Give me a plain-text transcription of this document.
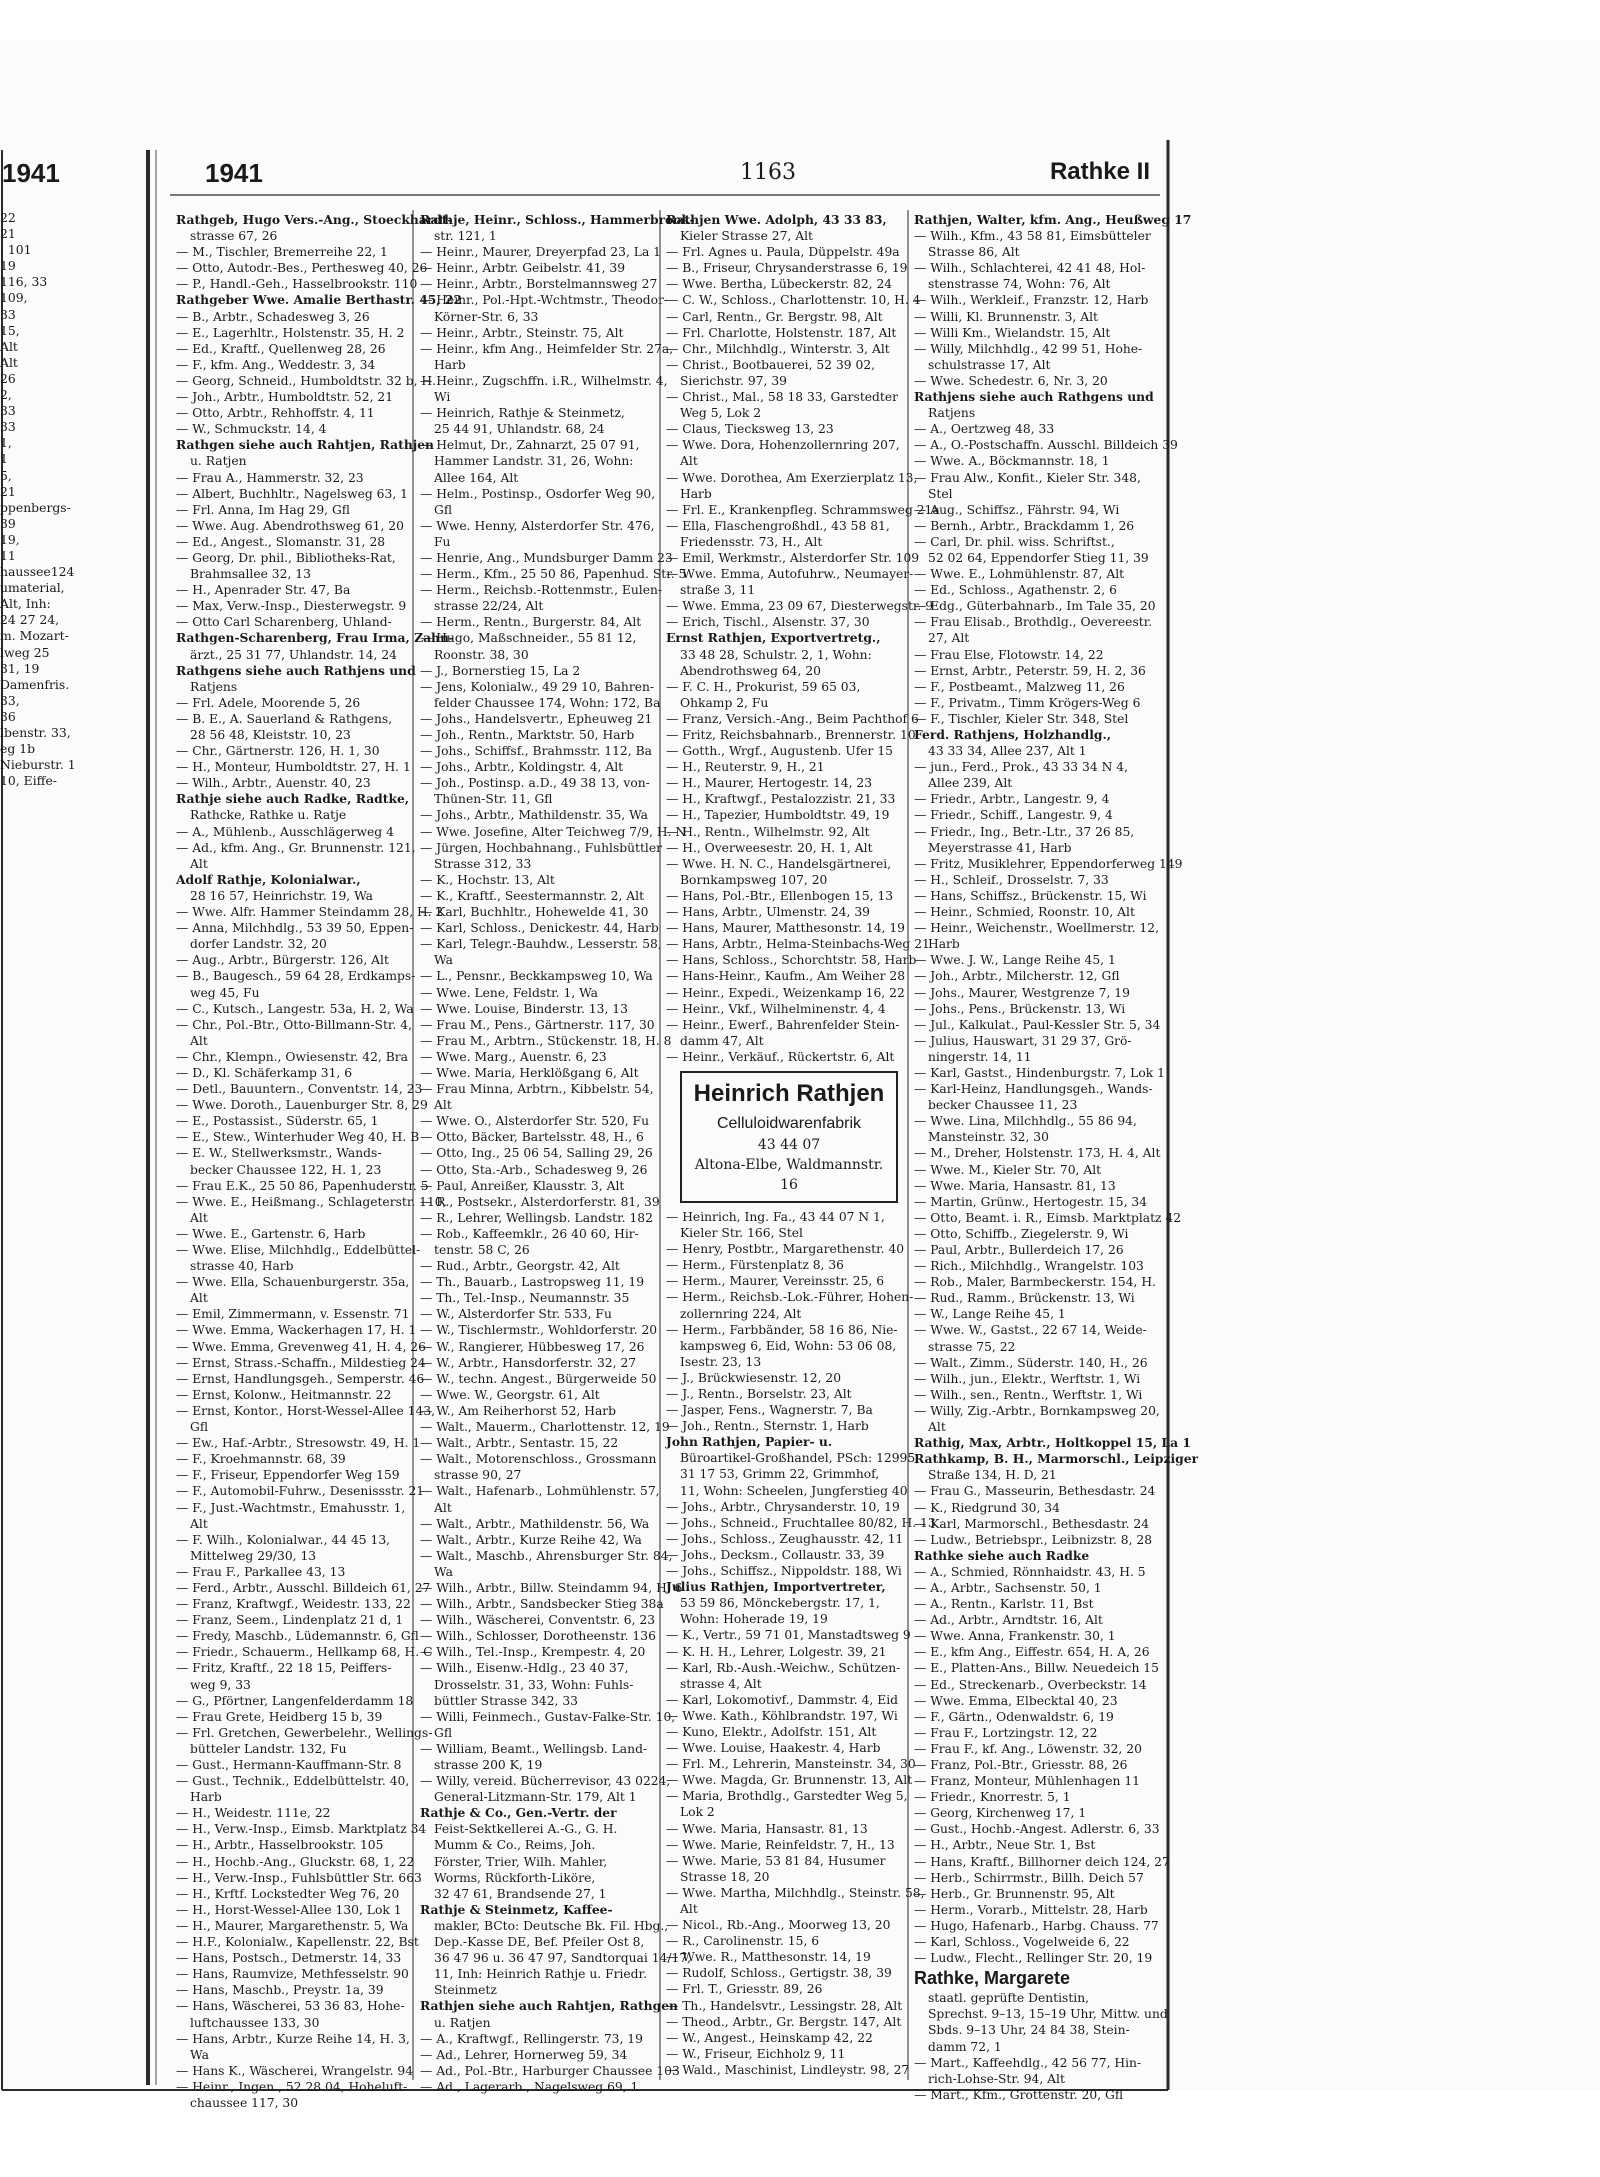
1941
22
21
. 101
19
116, 33
109,
33
15,
Alt
Alt
26
2,
33
33
1,
1
5,
21
ppenbergs-
39
19,
11
haussee124
umaterial,
Alt, Inh:
24 27 24,
m. Mozart-
lweg 25
31, 19
Damenfris.
33,
36
lbenstr. 33,
eg 1b
Nieburstr. 1
10, Eiffe-
1941	1163	Rathke II
Rathgeb, Hugo Vers.-Ang., Stoeckhardt-
strasse 67, 26
— M., Tischler, Bremerreihe 22, 1
— Otto, Autodr.-Bes., Perthesweg 40, 26
— P., Handl.-Geh., Hasselbrookstr. 110
Rathgeber Wwe. Amalie Berthastr. 45, 22
— B., Arbtr., Schadesweg 3, 26
— E., Lagerhltr., Holstenstr. 35, H. 2
— Ed., Kraftf., Quellenweg 28, 26
— F., kfm. Ang., Weddestr. 3, 34
— Georg, Schneid., Humboldtstr. 32 b, H.
— Joh., Arbtr., Humboldtstr. 52, 21
— Otto, Arbtr., Rehhoffstr. 4, 11
— W., Schmuckstr. 14, 4
Rathgen siehe auch Rahtjen, Rathjen
u. Ratjen
— Frau A., Hammerstr. 32, 23
— Albert, Buchhltr., Nagelsweg 63, 1
— Frl. Anna, Im Hag 29, Gfl
— Wwe. Aug. Abendrothsweg 61, 20
— Ed., Angest., Slomanstr. 31, 28
— Georg, Dr. phil., Bibliotheks-Rat,
Brahmsallee 32, 13
— H., Apenrader Str. 47, Ba
— Max, Verw.-Insp., Diesterwegstr. 9
— Otto Carl Scharenberg, Uhland-
Rathgen-Scharenberg, Frau Irma, Zahn-
ärzt., 25 31 77, Uhlandstr. 14, 24
Rathgens siehe auch Rathjens und
Ratjens
— Frl. Adele, Moorende 5, 26
— B. E., A. Sauerland & Rathgens,
28 56 48, Kleiststr. 10, 23
— Chr., Gärtnerstr. 126, H. 1, 30
— H., Monteur, Humboldtstr. 27, H. 1
— Wilh., Arbtr., Auenstr. 40, 23
Rathje siehe auch Radke, Radtke,
Rathcke, Rathke u. Ratje
— A., Mühlenb., Ausschlägerweg 4
— Ad., kfm. Ang., Gr. Brunnenstr. 121,
Alt
Adolf Rathje, Kolonialwar.,
28 16 57, Heinrichstr. 19, Wa
— Wwe. Alfr. Hammer Steindamm 28, H. 2
— Anna, Milchhdlg., 53 39 50, Eppen-
dorfer Landstr. 32, 20
— Aug., Arbtr., Bürgerstr. 126, Alt
— B., Baugesch., 59 64 28, Erdkamps-
weg 45, Fu
— C., Kutsch., Langestr. 53a, H. 2, Wa
— Chr., Pol.-Btr., Otto-Billmann-Str. 4,
Alt
— Chr., Klempn., Owiesenstr. 42, Bra
— D., Kl. Schäferkamp 31, 6
— Detl., Bauuntern., Conventstr. 14, 23
— Wwe. Doroth., Lauenburger Str. 8, 29
— E., Postassist., Süderstr. 65, 1
— E., Stew., Winterhuder Weg 40, H. B
— E. W., Stellwerksmstr., Wands-
becker Chaussee 122, H. 1, 23
— Frau E.K., 25 50 86, Papenhuderstr. 5
— Wwe. E., Heißmang., Schlageterstr. 110,
Alt
— Wwe. E., Gartenstr. 6, Harb
— Wwe. Elise, Milchhdlg., Eddelbüttel-
strasse 40, Harb
— Wwe. Ella, Schauenburgerstr. 35a,
Alt
— Emil, Zimmermann, v. Essenstr. 71
— Wwe. Emma, Wackerhagen 17, H. 1
— Wwe. Emma, Grevenweg 41, H. 4, 26
— Ernst, Strass.-Schaffn., Mildestieg 24
— Ernst, Handlungsgeh., Semperstr. 46
— Ernst, Kolonw., Heitmannstr. 22
— Ernst, Kontor., Horst-Wessel-Allee 143,
Gfl
— Ew., Haf.-Arbtr., Stresowstr. 49, H. 1
— F., Kroehmannstr. 68, 39
— F., Friseur, Eppendorfer Weg 159
— F., Automobil-Fuhrw., Desenissstr. 21
— F., Just.-Wachtmstr., Emahusstr. 1,
Alt
— F. Wilh., Kolonialwar., 44 45 13,
Mittelweg 29/30, 13
— Frau F., Parkallee 43, 13
— Ferd., Arbtr., Ausschl. Billdeich 61, 27
— Franz, Kraftwgf., Weidestr. 133, 22
— Franz, Seem., Lindenplatz 21 d, 1
— Fredy, Maschb., Lüdemannstr. 6, Gfl
— Friedr., Schauerm., Hellkamp 68, H. C
— Fritz, Kraftf., 22 18 15, Peiffers-
weg 9, 33
— G., Pförtner, Langenfelderdamm 18
— Frau Grete, Heidberg 15 b, 39
— Frl. Gretchen, Gewerbelehr., Wellings-
bütteler Landstr. 132, Fu
— Gust., Hermann-Kauffmann-Str. 8
— Gust., Technik., Eddelbüttelstr. 40,
Harb
— H., Weidestr. 111e, 22
— H., Verw.-Insp., Eimsb. Marktplatz 34
— H., Arbtr., Hasselbrookstr. 105
— H., Hochb.-Ang., Gluckstr. 68, 1, 22
— H., Verw.-Insp., Fuhlsbüttler Str. 663
— H., Krftf. Lockstedter Weg 76, 20
— H., Horst-Wessel-Allee 130, Lok 1
— H., Maurer, Margarethenstr. 5, Wa
— H.F., Kolonialw., Kapellenstr. 22, Bst
— Hans, Postsch., Detmerstr. 14, 33
— Hans, Raumvize, Methfesselstr. 90
— Hans, Maschb., Preystr. 1a, 39
— Hans, Wäscherei, 53 36 83, Hohe-
luftchaussee 133, 30
— Hans, Arbtr., Kurze Reihe 14, H. 3,
Wa
— Hans K., Wäscherei, Wrangelstr. 94
— Heinr., Ingen., 52 28 04, Hoheluft-
chaussee 117, 30
Rathje, Heinr., Schloss., Hammerbrook-
str. 121, 1
— Heinr., Maurer, Dreyerpfad 23, La 1
— Heinr., Arbtr. Geibelstr. 41, 39
— Heinr., Arbtr., Borstelmannsweg 27
— Heinr., Pol.-Hpt.-Wchtmstr., Theodor-
Körner-Str. 6, 33
— Heinr., Arbtr., Steinstr. 75, Alt
— Heinr., kfm Ang., Heimfelder Str. 27a,
Harb
— Heinr., Zugschffn. i.R., Wilhelmstr. 4,
Wi
— Heinrich, Rathje & Steinmetz,
25 44 91, Uhlandstr. 68, 24
— Helmut, Dr., Zahnarzt, 25 07 91,
Hammer Landstr. 31, 26, Wohn:
Allee 164, Alt
— Helm., Postinsp., Osdorfer Weg 90,
Gfl
— Wwe. Henny, Alsterdorfer Str. 476,
Fu
— Henrie, Ang., Mundsburger Damm 23
— Herm., Kfm., 25 50 86, Papenhud. Str. 5
— Herm., Reichsb.-Rottenmstr., Eulen-
strasse 22/24, Alt
— Herm., Rentn., Burgerstr. 84, Alt
— Hugo, Maßschneider., 55 81 12,
Roonstr. 38, 30
— J., Bornerstieg 15, La 2
— Jens, Kolonialw., 49 29 10, Bahren-
felder Chaussee 174, Wohn: 172, Ba
— Johs., Handelsvertr., Epheuweg 21
— Joh., Rentn., Marktstr. 50, Harb
— Johs., Schiffsf., Brahmsstr. 112, Ba
— Johs., Arbtr., Koldingstr. 4, Alt
— Joh., Postinsp. a.D., 49 38 13, von-
Thünen-Str. 11, Gfl
— Johs., Arbtr., Mathildenstr. 35, Wa
— Wwe. Josefine, Alter Teichweg 7/9, H. N
— Jürgen, Hochbahnang., Fuhlsbüttler
Strasse 312, 33
— K., Hochstr. 13, Alt
— K., Kraftf., Seestermannstr. 2, Alt
— Karl, Buchhltr., Hohewelde 41, 30
— Karl, Schloss., Denickestr. 44, Harb
— Karl, Telegr.-Bauhdw., Lesserstr. 58,
Wa
— L., Pensnr., Beckkampsweg 10, Wa
— Wwe. Lene, Feldstr. 1, Wa
— Wwe. Louise, Binderstr. 13, 13
— Frau M., Pens., Gärtnerstr. 117, 30
— Frau M., Arbtrn., Stückenstr. 18, H. 8
— Wwe. Marg., Auenstr. 6, 23
— Wwe. Maria, Herklößgang 6, Alt
— Frau Minna, Arbtrn., Kibbelstr. 54,
Alt
— Wwe. O., Alsterdorfer Str. 520, Fu
— Otto, Bäcker, Bartelsstr. 48, H., 6
— Otto, Ing., 25 06 54, Salling 29, 26
— Otto, Sta.-Arb., Schadesweg 9, 26
— Paul, Anreißer, Klausstr. 3, Alt
— R., Postsekr., Alsterdorferstr. 81, 39
— R., Lehrer, Wellingsb. Landstr. 182
— Rob., Kaffeemklr., 26 40 60, Hir-
tenstr. 58 C, 26
— Rud., Arbtr., Georgstr. 42, Alt
— Th., Bauarb., Lastropsweg 11, 19
— Th., Tel.-Insp., Neumannstr. 35
— W., Alsterdorfer Str. 533, Fu
— W., Tischlermstr., Wohldorferstr. 20
— W., Rangierer, Hübbesweg 17, 26
— W., Arbtr., Hansdorferstr. 32, 27
— W., techn. Angest., Bürgerweide 50
— Wwe. W., Georgstr. 61, Alt
— W., Am Reiherhorst 52, Harb
— Walt., Mauerm., Charlottenstr. 12, 19
— Walt., Arbtr., Sentastr. 15, 22
— Walt., Motorenschloss., Grossmann
strasse 90, 27
— Walt., Hafenarb., Lohmühlenstr. 57,
Alt
— Walt., Arbtr., Mathildenstr. 56, Wa
— Walt., Arbtr., Kurze Reihe 42, Wa
— Walt., Maschb., Ahrensburger Str. 84,
Wa
— Wilh., Arbtr., Billw. Steindamm 94, H. 6
— Wilh., Arbtr., Sandsbecker Stieg 38a
— Wilh., Wäscherei, Conventstr. 6, 23
— Wilh., Schlosser, Dorotheenstr. 136
— Wilh., Tel.-Insp., Krempestr. 4, 20
— Wilh., Eisenw.-Hdlg., 23 40 37,
Drosselstr. 31, 33, Wohn: Fuhls-
büttler Strasse 342, 33
— Willi, Feinmech., Gustav-Falke-Str. 10,
Gfl
— William, Beamt., Wellingsb. Land-
strasse 200 K, 19
— Willy, vereid. Bücherrevisor, 43 0224,
General-Litzmann-Str. 179, Alt 1
Rathje & Co., Gen.-Vertr. der
Feist-Sektkellerei A.-G., G. H.
Mumm & Co., Reims, Joh.
Förster, Trier, Wilh. Mahler,
Worms, Rückforth-Liköre,
32 47 61, Brandsende 27, 1
Rathje & Steinmetz, Kaffee-
makler, BCto: Deutsche Bk. Fil. Hbg.,
Dep.-Kasse DE, Bef. Pfeiler Ost 8,
36 47 96 u. 36 47 97, Sandtorquai 14/17,
11, Inh: Heinrich Rathje u. Friedr.
Steinmetz
Rathjen siehe auch Rahtjen, Rathgen
u. Ratjen
— A., Kraftwgf., Rellingerstr. 73, 19
— Ad., Lehrer, Hornerweg 59, 34
— Ad., Pol.-Btr., Harburger Chaussee 103
— Ad., Lagerarb., Nagelsweg 69, 1
Rathjen Wwe. Adolph, 43 33 83,
Kieler Strasse 27, Alt
— Frl. Agnes u. Paula, Düppelstr. 49a
— B., Friseur, Chrysanderstrasse 6, 19
— Wwe. Bertha, Lübeckerstr. 82, 24
— C. W., Schloss., Charlottenstr. 10, H. 4
— Carl, Rentn., Gr. Bergstr. 98, Alt
— Frl. Charlotte, Holstenstr. 187, Alt
— Chr., Milchhdlg., Winterstr. 3, Alt
— Christ., Bootbauerei, 52 39 02,
Sierichstr. 97, 39
— Christ., Mal., 58 18 33, Garstedter
Weg 5, Lok 2
— Claus, Tiecksweg 13, 23
— Wwe. Dora, Hohenzollernring 207,
Alt
— Wwe. Dorothea, Am Exerzierplatz 13,
Harb
— Frl. E., Krankenpfleg. Schrammsweg 21a
— Ella, Flaschengroßhdl., 43 58 81,
Friedensstr. 73, H., Alt
— Emil, Werkmstr., Alsterdorfer Str. 109
— Wwe. Emma, Autofuhrw., Neumayer-
straße 3, 11
— Wwe. Emma, 23 09 67, Diesterwegstr. 9
— Erich, Tischl., Alsenstr. 37, 30
Ernst Rathjen, Exportvertretg.,
33 48 28, Schulstr. 2, 1, Wohn:
Abendrothsweg 64, 20
— F. C. H., Prokurist, 59 65 03,
Ohkamp 2, Fu
— Franz, Versich.-Ang., Beim Pachthof 6
— Fritz, Reichsbahnarb., Brennerstr. 10
— Gotth., Wrgf., Augustenb. Ufer 15
— H., Reuterstr. 9, H., 21
— H., Maurer, Hertogestr. 14, 23
— H., Kraftwgf., Pestalozzistr. 21, 33
— H., Tapezier, Humboldtstr. 49, 19
— H., Rentn., Wilhelmstr. 92, Alt
— H., Overweesestr. 20, H. 1, Alt
— Wwe. H. N. C., Handelsgärtnerei,
Bornkampsweg 107, 20
— Hans, Pol.-Btr., Ellenbogen 15, 13
— Hans, Arbtr., Ulmenstr. 24, 39
— Hans, Maurer, Matthesonstr. 14, 19
— Hans, Arbtr., Helma-Steinbachs-Weg 21
— Hans, Schloss., Schorchtstr. 58, Harb
— Hans-Heinr., Kaufm., Am Weiher 28
— Heinr., Expedi., Weizenkamp 16, 22
— Heinr., Vkf., Wilhelminenstr. 4, 4
— Heinr., Ewerf., Bahrenfelder Stein-
damm 47, Alt
— Heinr., Verkäuf., Rückertstr. 6, Alt
Heinrich Rathjen
Celluloidwarenfabrik
43 44 07
Altona-Elbe, Waldmannstr. 16
— Heinrich, Ing. Fa., 43 44 07 N 1,
Kieler Str. 166, Stel
— Henry, Postbtr., Margarethenstr. 40
— Herm., Fürstenplatz 8, 36
— Herm., Maurer, Vereinsstr. 25, 6
— Herm., Reichsb.-Lok.-Führer, Hohen-
zollernring 224, Alt
— Herm., Farbbänder, 58 16 86, Nie-
kampsweg 6, Eid, Wohn: 53 06 08,
Isestr. 23, 13
— J., Brückwiesenstr. 12, 20
— J., Rentn., Borselstr. 23, Alt
— Jasper, Fens., Wagnerstr. 7, Ba
— Joh., Rentn., Sternstr. 1, Harb
John Rathjen, Papier- u.
Büroartikel-Großhandel, PSch: 12995,
31 17 53, Grimm 22, Grimmhof,
11, Wohn: Scheelen, Jungferstieg 40
— Johs., Arbtr., Chrysanderstr. 10, 19
— Johs., Schneid., Fruchtallee 80/82, H. 13
— Johs., Schloss., Zeughausstr. 42, 11
— Johs., Decksm., Collaustr. 33, 39
— Johs., Schiffsz., Nippoldstr. 188, Wi
Julius Rathjen, Importvertreter,
53 59 86, Mönckebergstr. 17, 1,
Wohn: Hoherade 19, 19
— K., Vertr., 59 71 01, Manstadtsweg 9
— K. H. H., Lehrer, Lolgestr. 39, 21
— Karl, Rb.-Aush.-Weichw., Schützen-
strasse 4, Alt
— Karl, Lokomotivf., Dammstr. 4, Eid
— Wwe. Kath., Köhlbrandstr. 197, Wi
— Kuno, Elektr., Adolfstr. 151, Alt
— Wwe. Louise, Haakestr. 4, Harb
— Frl. M., Lehrerin, Mansteinstr. 34, 30
— Wwe. Magda, Gr. Brunnenstr. 13, Alt
— Maria, Brothdlg., Garstedter Weg 5,
Lok 2
— Wwe. Maria, Hansastr. 81, 13
— Wwe. Marie, Reinfeldstr. 7, H., 13
— Wwe. Marie, 53 81 84, Husumer
Strasse 18, 20
— Wwe. Martha, Milchhdlg., Steinstr. 58,
Alt
— Nicol., Rb.-Ang., Moorweg 13, 20
— R., Carolinenstr. 15, 6
— Wwe. R., Matthesonstr. 14, 19
— Rudolf, Schloss., Gertigstr. 38, 39
— Frl. T., Griesstr. 89, 26
— Th., Handelsvtr., Lessingstr. 28, Alt
— Theod., Arbtr., Gr. Bergstr. 147, Alt
— W., Angest., Heinskamp 42, 22
— W., Friseur, Eichholz 9, 11
— Wald., Maschinist, Lindleystr. 98, 27
Rathjen, Walter, kfm. Ang., Heußweg 17
— Wilh., Kfm., 43 58 81, Eimsbütteler
Strasse 86, Alt
— Wilh., Schlachterei, 42 41 48, Hol-
stenstrasse 74, Wohn: 76, Alt
— Wilh., Werkleif., Franzstr. 12, Harb
— Willi, Kl. Brunnenstr. 3, Alt
— Willi Km., Wielandstr. 15, Alt
— Willy, Milchhdlg., 42 99 51, Hohe-
schulstrasse 17, Alt
— Wwe. Schedestr. 6, Nr. 3, 20
Rathjens siehe auch Rathgens und
Ratjens
— A., Oertzweg 48, 33
— A., O.-Postschaffn. Ausschl. Billdeich 39
— Wwe. A., Böckmannstr. 18, 1
— Frau Alw., Konfit., Kieler Str. 348,
Stel
— Aug., Schiffsz., Fährstr. 94, Wi
— Bernh., Arbtr., Brackdamm 1, 26
— Carl, Dr. phil. wiss. Schriftst.,
52 02 64, Eppendorfer Stieg 11, 39
— Wwe. E., Lohmühlenstr. 87, Alt
— Ed., Schloss., Agathenstr. 2, 6
— Edg., Güterbahnarb., Im Tale 35, 20
— Frau Elisab., Brothdlg., Oevereestr.
27, Alt
— Frau Else, Flotowstr. 14, 22
— Ernst, Arbtr., Peterstr. 59, H. 2, 36
— F., Postbeamt., Malzweg 11, 26
— F., Privatm., Timm Krögers-Weg 6
— F., Tischler, Kieler Str. 348, Stel
Ferd. Rathjens, Holzhandlg.,
43 33 34, Allee 237, Alt 1
— jun., Ferd., Prok., 43 33 34 N 4,
Allee 239, Alt
— Friedr., Arbtr., Langestr. 9, 4
— Friedr., Schiff., Langestr. 9, 4
— Friedr., Ing., Betr.-Ltr., 37 26 85,
Meyerstrasse 41, Harb
— Fritz, Musiklehrer, Eppendorferweg 149
— H., Schleif., Drosselstr. 7, 33
— Hans, Schiffsz., Brückenstr. 15, Wi
— Heinr., Schmied, Roonstr. 10, Alt
— Heinr., Weichenstr., Woellmerstr. 12,
Harb
— Wwe. J. W., Lange Reihe 45, 1
— Joh., Arbtr., Milcherstr. 12, Gfl
— Johs., Maurer, Westgrenze 7, 19
— Johs., Pens., Brückenstr. 13, Wi
— Jul., Kalkulat., Paul-Kessler Str. 5, 34
— Julius, Hauswart, 31 29 37, Grö-
ningerstr. 14, 11
— Karl, Gastst., Hindenburgstr. 7, Lok 1
— Karl-Heinz, Handlungsgeh., Wands-
becker Chaussee 11, 23
— Wwe. Lina, Milchhdlg., 55 86 94,
Mansteinstr. 32, 30
— M., Dreher, Holstenstr. 173, H. 4, Alt
— Wwe. M., Kieler Str. 70, Alt
— Wwe. Maria, Hansastr. 81, 13
— Martin, Grünw., Hertogestr. 15, 34
— Otto, Beamt. i. R., Eimsb. Marktplatz 42
— Otto, Schiffb., Ziegelerstr. 9, Wi
— Paul, Arbtr., Bullerdeich 17, 26
— Rich., Milchhdlg., Wrangelstr. 103
— Rob., Maler, Barmbeckerstr. 154, H.
— Rud., Ramm., Brückenstr. 13, Wi
— W., Lange Reihe 45, 1
— Wwe. W., Gastst., 22 67 14, Weide-
strasse 75, 22
— Walt., Zimm., Süderstr. 140, H., 26
— Wilh., jun., Elektr., Werftstr. 1, Wi
— Wilh., sen., Rentn., Werftstr. 1, Wi
— Willy, Zig.-Arbtr., Bornkampsweg 20,
Alt
Rathig, Max, Arbtr., Holtkoppel 15, La 1
Rathkamp, B. H., Marmorschl., Leipziger
Straße 134, H. D, 21
— Frau G., Masseurin, Bethesdastr. 24
— K., Riedgrund 30, 34
— Karl, Marmorschl., Bethesdastr. 24
— Ludw., Betriebspr., Leibnizstr. 8, 28
Rathke siehe auch Radke
— A., Schmied, Rönnhaidstr. 43, H. 5
— A., Arbtr., Sachsenstr. 50, 1
— A., Rentn., Karlstr. 11, Bst
— Ad., Arbtr., Arndtstr. 16, Alt
— Wwe. Anna, Frankenstr. 30, 1
— E., kfm Ang., Eiffestr. 654, H. A, 26
— E., Platten-Ans., Billw. Neuedeich 15
— Ed., Streckenarb., Overbeckstr. 14
— Wwe. Emma, Elbecktal 40, 23
— F., Gärtn., Odenwaldstr. 6, 19
— Frau F., Lortzingstr. 12, 22
— Frau F., kf. Ang., Löwenstr. 32, 20
— Franz, Pol.-Btr., Griesstr. 88, 26
— Franz, Monteur, Mühlenhagen 11
— Friedr., Knorrestr. 5, 1
— Georg, Kirchenweg 17, 1
— Gust., Hochb.-Angest. Adlerstr. 6, 33
— H., Arbtr., Neue Str. 1, Bst
— Hans, Kraftf., Billhorner deich 124, 27
— Herb., Schirrmstr., Billh. Deich 57
— Herb., Gr. Brunnenstr. 95, Alt
— Herm., Vorarb., Mittelstr. 28, Harb
— Hugo, Hafenarb., Harbg. Chauss. 77
— Karl, Schloss., Vogelweide 6, 22
— Ludw., Flecht., Rellinger Str. 20, 19
Rathke, Margarete
staatl. geprüfte Dentistin,
Sprechst. 9–13, 15–19 Uhr, Mittw. und
Sbds. 9–13 Uhr, 24 84 38, Stein-
damm 72, 1
— Mart., Kaffeehdlg., 42 56 77, Hin-
rich-Lohse-Str. 94, Alt
— Mart., Kfm., Grottenstr. 20, Gfl
